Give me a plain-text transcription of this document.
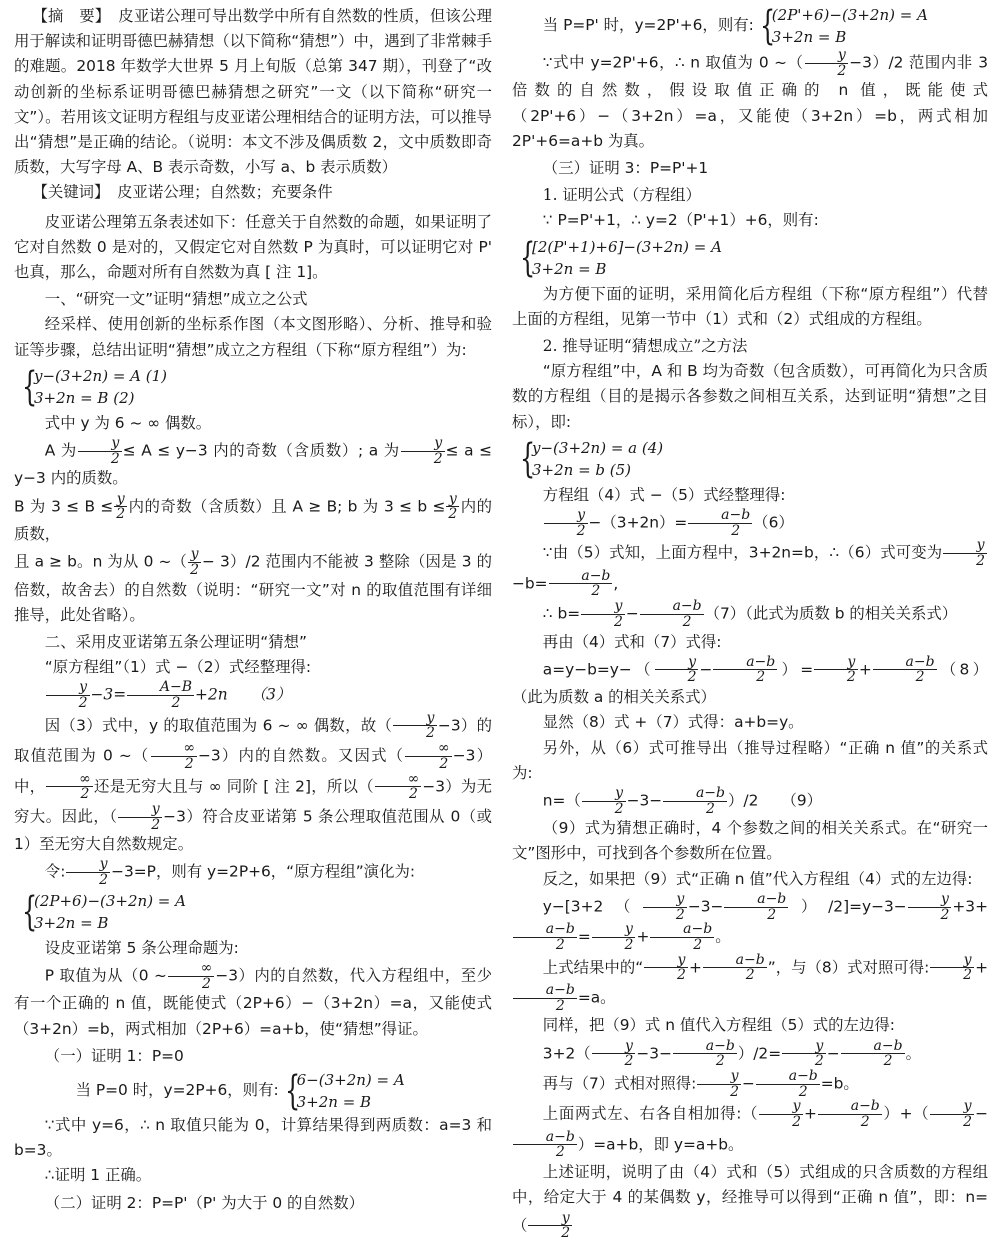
【摘　要】　 皮亚诺公理可导出数学中所有自然数的性质，但该公理用于解读和证明哥德巴赫猜想（以下简称“猜想”）中，遇到了非常棘手的难题。2018 年数学大世界 5 月上旬版（总第 347 期），刊登了“改动创新的坐标系证明哥德巴赫猜想之研究”一文（以下简称“研究一文”）。若用该文证明方程组与皮亚诺公理相结合的证明方法，可以推导出“猜想”是正确的结论。（说明：本文不涉及偶质数 2，文中质数即奇质数，大写字母 A、B 表示奇数，小写 a、b 表示质数）

【关键词】　 皮亚诺公理；自然数；充要条件

皮亚诺公理第五条表述如下：任意关于自然数的命题，如果证明了它对自然数 0 是对的，又假定它对自然数 P 为真时，可以证明它对 P' 也真，那么，命题对所有自然数为真 [ 注 1]。

一、“研究一文”证明“猜想”成立之公式

经采样、使用创新的坐标系作图（本文图形略）、分析、推导和验证等步骤，总结出证明“猜想”成立之方程组（下称“原方程组”）为:

{
y−(3+2n) = A (1)
3+2n = B (2)

式中 y 为 6 ~ ∞ 偶数。

A 为 $\frac{y}{2} \le A \le y-3$ 内的奇数（含质数）; a 为 $\frac{y}{2} \le a \le y-3$ 内的质数。

B 为 $3 \le B \le \frac{y}{2}$ 内的奇数（含质数）且 A ≥ B; b 为 $3 \le b \le \frac{y}{2}$ 内的质数，

且 a ≥ b。n 为从 0 ~（ $\frac{y}{2} - 3)/2$ 范围内不能被 3 整除（因是 3 的倍数，故舍去）的自然数（说明：“研究一文”对 n 的取值范围有详细推导，此处省略）。

二、采用皮亚诺第五条公理证明“猜想”

“原方程组”（1）式 −（2）式经整理得:

$\frac{y}{2} -3= \frac{A-B}{2} +2n$　　（3）

因（3）式中，y 的取值范围为 6 ~ ∞ 偶数，故（ $\frac{y}{2} -3$）的取值范围为 0 ~（ $\frac{\infty}{2} -3$）内的自然数。又因式（ $\frac{\infty}{2} -3$）中， $\frac{\infty}{2}$ 还是无穷大且与 ∞ 同阶 [ 注 2]，所以（ $\frac{\infty}{2} -3$）为无穷大。因此，（ $\frac{y}{2} -3$）符合皮亚诺第 5 条公理取值范围从 0（或 1）至无穷大自然数规定。

令: $\frac{y}{2} -3=P$，则有 y=2P+6，“原方程组”演化为:

{
(2P+6)−(3+2n) = A
3+2n = B

设皮亚诺第 5 条公理命题为:

P 取值为从（0 ~ $\frac{\infty}{2} -3$）内的自然数，代入方程组中，至少有一个正确的 n 值，既能使式（2P+6）−（3+2n）=a，又能使式（3+2n）=b，两式相加（2P+6）=a+b，使“猜想”得证。

（一）证明 1：P=0

当 P=0 时，y=2P+6，则有: {
6−(3+2n) = A
3+2n = B

∵式中 y=6，∴ n 取值只能为 0，计算结果得到两质数：a=3 和 b=3。

∴证明 1 正确。

（二）证明 2：P=P'（P' 为大于 0 的自然数）

当 P=P' 时，y=2P'+6，则有: {
(2P'+6)−(3+2n) = A
3+2n = B

∵式中 y=2P'+6，∴ n 取值为 0 ~（ $\frac{y}{2} -3)/2$ 范围内非 3 倍数的自然数，假设取值正确的 n 值，既能使式（2P'+6）−（3+2n）=a，又能使（3+2n）=b，两式相加 2P'+6=a+b 为真。

（三）证明 3：P=P'+1

1. 证明公式（方程组）

∵ P=P'+1，∴ y=2（P'+1）+6，则有:

{
[2(P'+1)+6]−(3+2n) = A
3+2n = B

为方便下面的证明，采用简化后方程组（下称“原方程组”）代替上面的方程组，见第一节中（1）式和（2）式组成的方程组。

2. 推导证明“猜想成立”之方法

“原方程组”中，A 和 B 均为奇数（包含质数），可再简化为只含质数的方程组（目的是揭示各参数之间相互关系，达到证明“猜想”之目标），即:

{
y−(3+2n) = a (4)
3+2n = b (5)

方程组（4）式 −（5）式经整理得:

$\frac{y}{2} -(3+2n)= \frac{a-b}{2} (6)$

∵由（5）式知，上面方程中，3+2n=b，∴（6）式可变为 $\frac{y}{2}$
$-b= \frac{a-b}{2}$ ,

∴ $b= \frac{y}{2} - \frac{a-b}{2} (7)$（此式为质数 b 的相关关系式）

再由（4）式和（7）式得:

$a=y-b=y-( \frac{y}{2} - \frac{a-b}{2}$ ）= $\frac{y}{2} + \frac{a-b}{2} (8)$（此为质数 a 的相关关系式）

显然（8）式 +（7）式得：a+b=y。

另外，从（6）式可推导出（推导过程略）“正确 n 值”的关系式为:

$n=( \frac{y}{2} -3- \frac{a-b}{2} )/2$　　（9）

（9）式为猜想正确时，4 个参数之间的相关关系式。在“研究一文”图形中，可找到各个参数所在位置。

反之，如果把（9）式“正确 n 值”代入方程组（4）式的左边得:

$y-[3+2( \frac{y}{2} -3- \frac{a-b}{2} )/2]=y-3- \frac{y}{2} +3+$
$\frac{a-b}{2} = \frac{y}{2} + \frac{a-b}{2}$ 。

上式结果中的“ $\frac{y}{2} + \frac{a-b}{2}$ ”，与（8）式对照可得: $\frac{y}{2}$ +
$\frac{a-b}{2} =a$。

同样，把（9）式 n 值代入方程组（5）式的左边得:

$3+2( \frac{y}{2} -3- \frac{a-b}{2} )/2= \frac{y}{2} - \frac{a-b}{2}$ 。

再与（7）式相对照得: $\frac{y}{2} - \frac{a-b}{2} =b$。

上面两式左、右各自相加得:（ $\frac{y}{2} + \frac{a-b}{2}$ ）+（ $\frac{y}{2}$ −
$\frac{a-b}{2} )=a+b$，即 y=a+b。

上述证明，说明了由（4）式和（5）式组成的只含质数的方程组中，给定大于 4 的某偶数 y，经推导可以得到“正确 n 值”，即：$n=( \frac{y}{2}$
